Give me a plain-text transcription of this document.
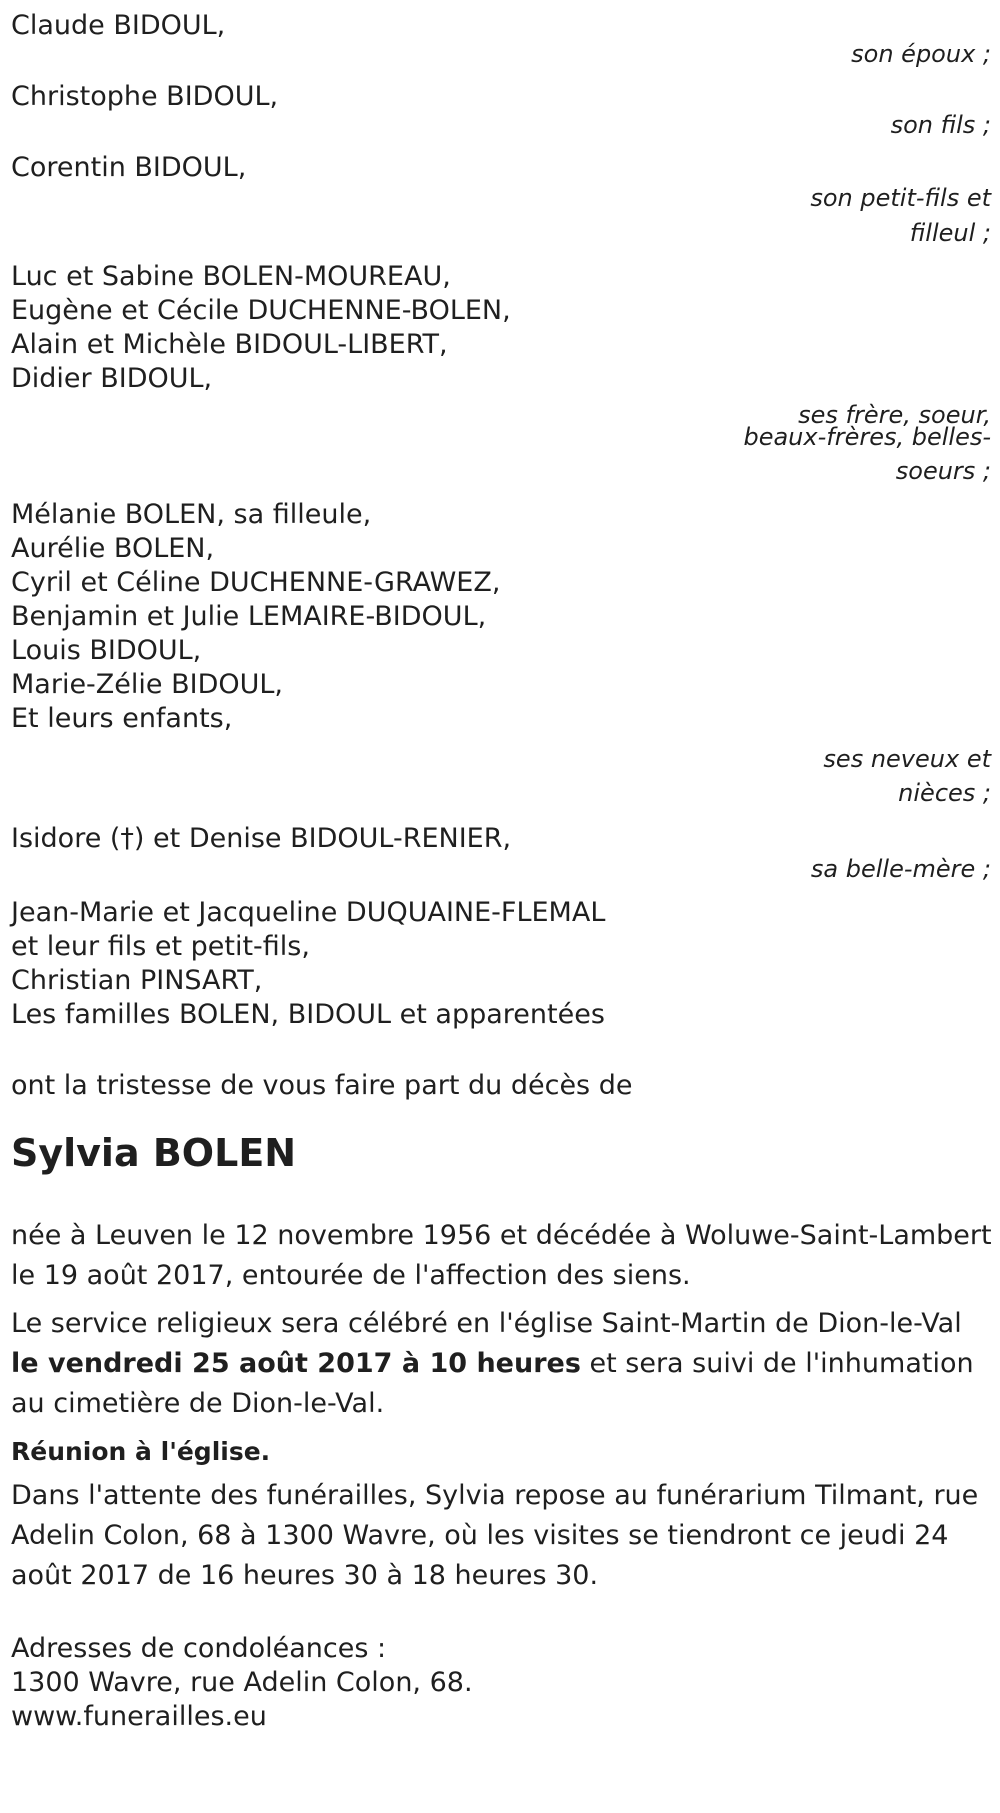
Claude BIDOUL,
son époux ;
Christophe BIDOUL,
son fils ;
Corentin BIDOUL,
son petit-fils et
filleul ;
Luc et Sabine BOLEN-MOUREAU,
Eugène et Cécile DUCHENNE-BOLEN,
Alain et Michèle BIDOUL-LIBERT,
Didier BIDOUL,
ses frère, soeur,
beaux-frères, belles-
soeurs ;
Mélanie BOLEN, sa filleule,
Aurélie BOLEN,
Cyril et Céline DUCHENNE-GRAWEZ,
Benjamin et Julie LEMAIRE-BIDOUL,
Louis BIDOUL,
Marie-Zélie BIDOUL,
Et leurs enfants,
ses neveux et
nièces ;
Isidore (†) et Denise BIDOUL-RENIER,
sa belle-mère ;
Jean-Marie et Jacqueline DUQUAINE-FLEMAL
et leur fils et petit-fils,
Christian PINSART,
Les familles BOLEN, BIDOUL et apparentées
ont la tristesse de vous faire part du décès de
Sylvia BOLEN
née à Leuven le 12 novembre 1956 et décédée à Woluwe-Saint-Lambert le 19 août 2017, entourée de l'affection des siens.
Le service religieux sera célébré en l'église Saint-Martin de Dion-le-Val le vendredi 25 août 2017 à 10 heures et sera suivi de l'inhumation au cimetière de Dion-le-Val.
Réunion à l'église.
Dans l'attente des funérailles, Sylvia repose au funérarium Tilmant, rue Adelin Colon, 68 à 1300 Wavre, où les visites se tiendront ce jeudi 24 août 2017 de 16 heures 30 à 18 heures 30.
Adresses de condoléances :
1300 Wavre, rue Adelin Colon, 68.
www.funerailles.eu
